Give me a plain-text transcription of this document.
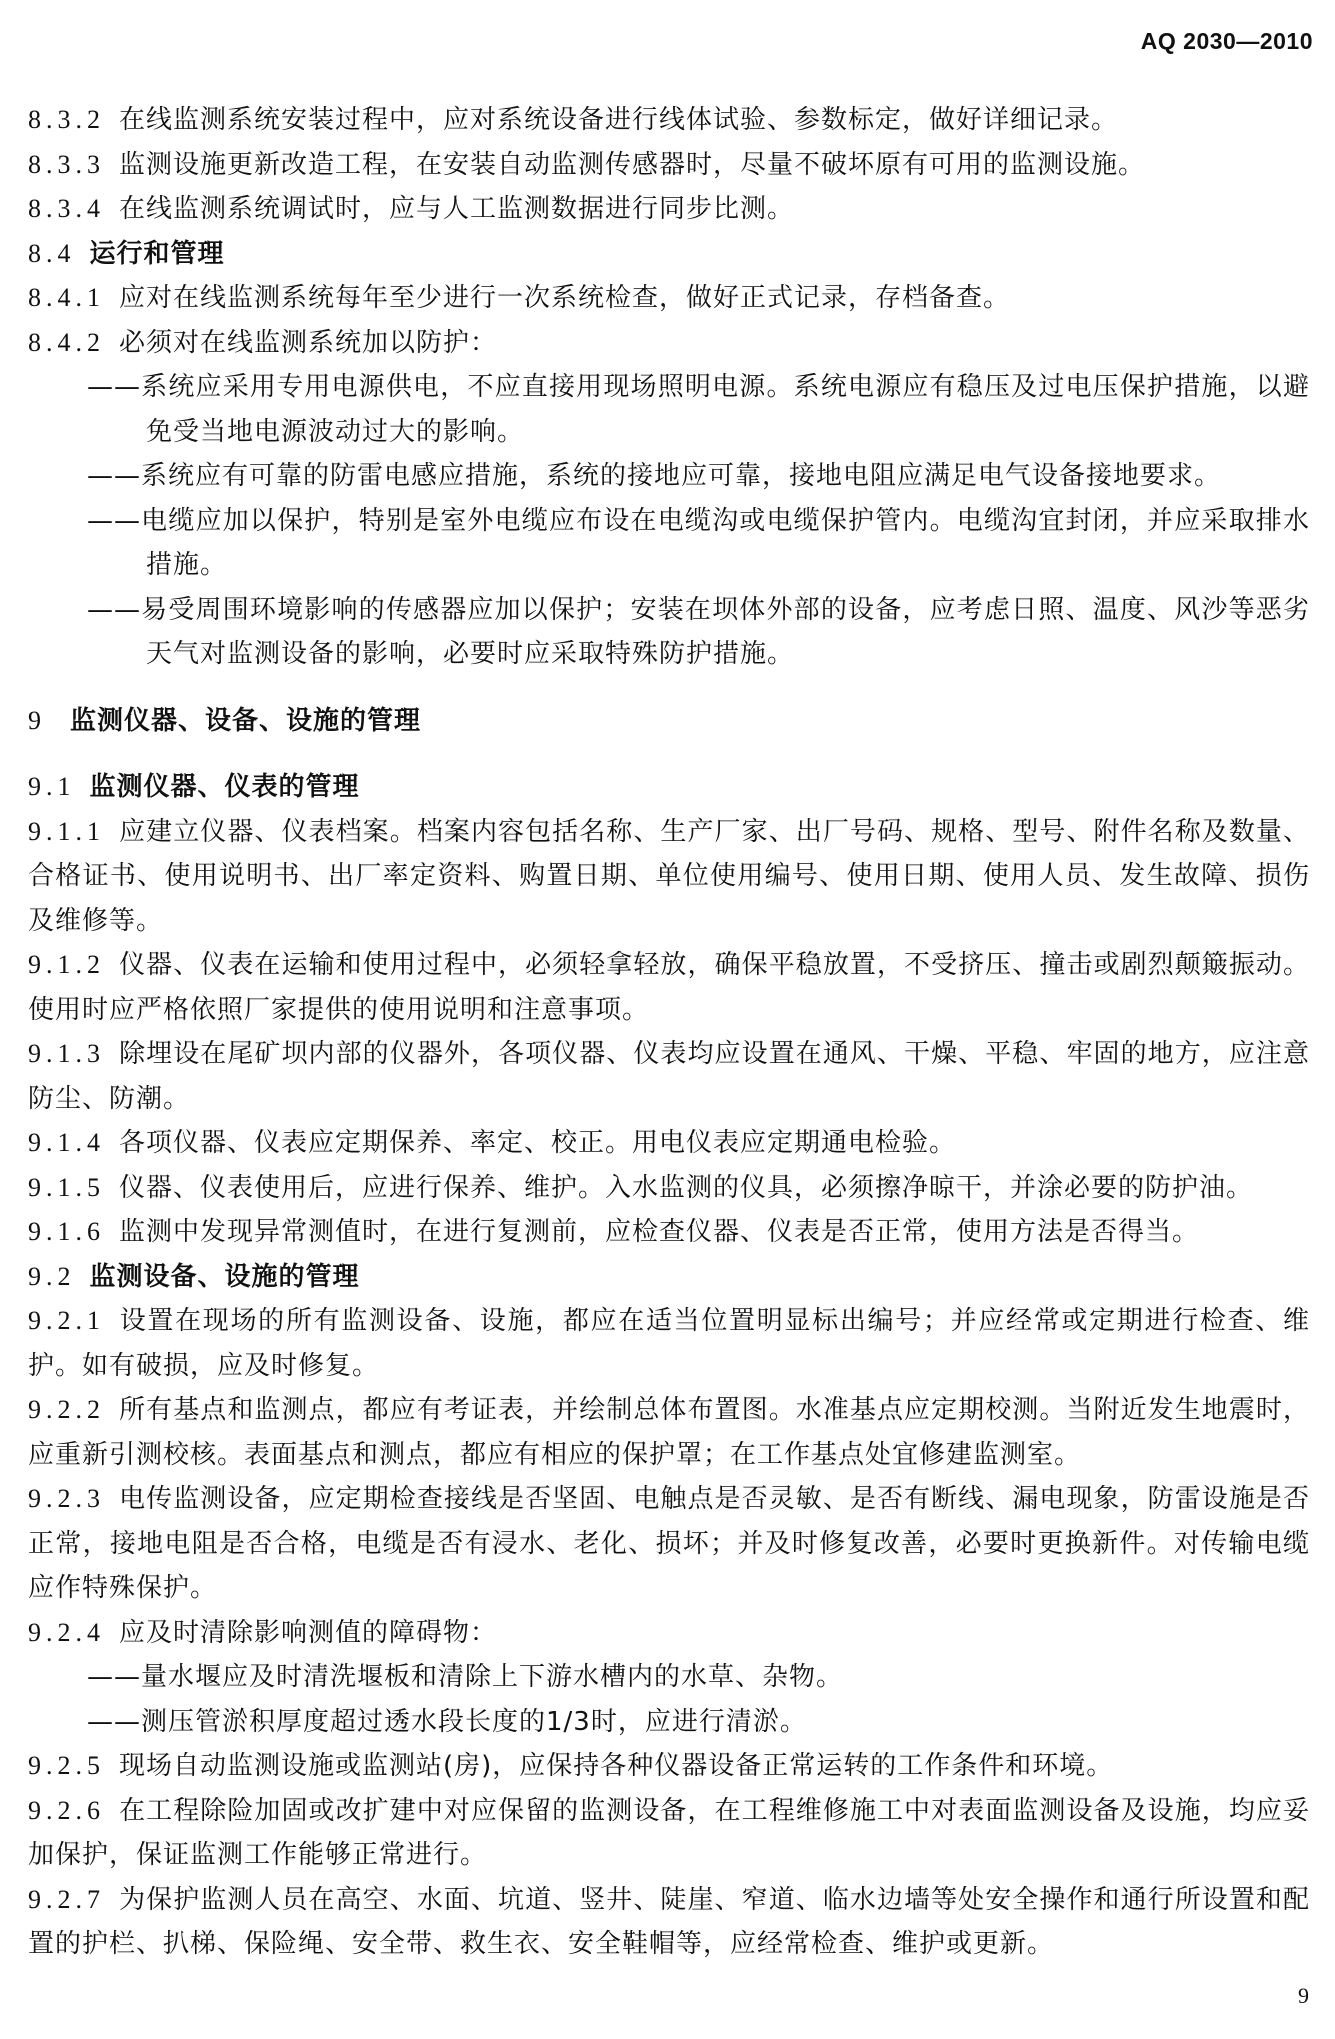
AQ 2030—2010

8.3.2 在线监测系统安装过程中，应对系统设备进行线体试验、参数标定，做好详细记录。

8.3.3 监测设施更新改造工程，在安装自动监测传感器时，尽量不破坏原有可用的监测设施。

8.3.4 在线监测系统调试时，应与人工监测数据进行同步比测。

8.4 运行和管理

8.4.1 应对在线监测系统每年至少进行一次系统检查，做好正式记录，存档备查。

8.4.2 必须对在线监测系统加以防护：

——系统应采用专用电源供电，不应直接用现场照明电源。系统电源应有稳压及过电压保护措施，以避免受当地电源波动过大的影响。

——系统应有可靠的防雷电感应措施，系统的接地应可靠，接地电阻应满足电气设备接地要求。

——电缆应加以保护，特别是室外电缆应布设在电缆沟或电缆保护管内。电缆沟宜封闭，并应采取排水措施。

——易受周围环境影响的传感器应加以保护；安装在坝体外部的设备，应考虑日照、温度、风沙等恶劣天气对监测设备的影响，必要时应采取特殊防护措施。

9 监测仪器、设备、设施的管理

9.1 监测仪器、仪表的管理

9.1.1 应建立仪器、仪表档案。档案内容包括名称、生产厂家、出厂号码、规格、型号、附件名称及数量、合格证书、使用说明书、出厂率定资料、购置日期、单位使用编号、使用日期、使用人员、发生故障、损伤及维修等。

9.1.2 仪器、仪表在运输和使用过程中，必须轻拿轻放，确保平稳放置，不受挤压、撞击或剧烈颠簸振动。使用时应严格依照厂家提供的使用说明和注意事项。

9.1.3 除埋设在尾矿坝内部的仪器外，各项仪器、仪表均应设置在通风、干燥、平稳、牢固的地方，应注意防尘、防潮。

9.1.4 各项仪器、仪表应定期保养、率定、校正。用电仪表应定期通电检验。

9.1.5 仪器、仪表使用后，应进行保养、维护。入水监测的仪具，必须擦净晾干，并涂必要的防护油。

9.1.6 监测中发现异常测值时，在进行复测前，应检查仪器、仪表是否正常，使用方法是否得当。

9.2 监测设备、设施的管理

9.2.1 设置在现场的所有监测设备、设施，都应在适当位置明显标出编号；并应经常或定期进行检查、维护。如有破损，应及时修复。

9.2.2 所有基点和监测点，都应有考证表，并绘制总体布置图。水准基点应定期校测。当附近发生地震时，应重新引测校核。表面基点和测点，都应有相应的保护罩；在工作基点处宜修建监测室。

9.2.3 电传监测设备，应定期检查接线是否坚固、电触点是否灵敏、是否有断线、漏电现象，防雷设施是否正常，接地电阻是否合格，电缆是否有浸水、老化、损坏；并及时修复改善，必要时更换新件。对传输电缆应作特殊保护。

9.2.4 应及时清除影响测值的障碍物：

——量水堰应及时清洗堰板和清除上下游水槽内的水草、杂物。

——测压管淤积厚度超过透水段长度的1/3时，应进行清淤。

9.2.5 现场自动监测设施或监测站(房)，应保持各种仪器设备正常运转的工作条件和环境。

9.2.6 在工程除险加固或改扩建中对应保留的监测设备，在工程维修施工中对表面监测设备及设施，均应妥加保护，保证监测工作能够正常进行。

9.2.7 为保护监测人员在高空、水面、坑道、竖井、陡崖、窄道、临水边墙等处安全操作和通行所设置和配置的护栏、扒梯、保险绳、安全带、救生衣、安全鞋帽等，应经常检查、维护或更新。

9
